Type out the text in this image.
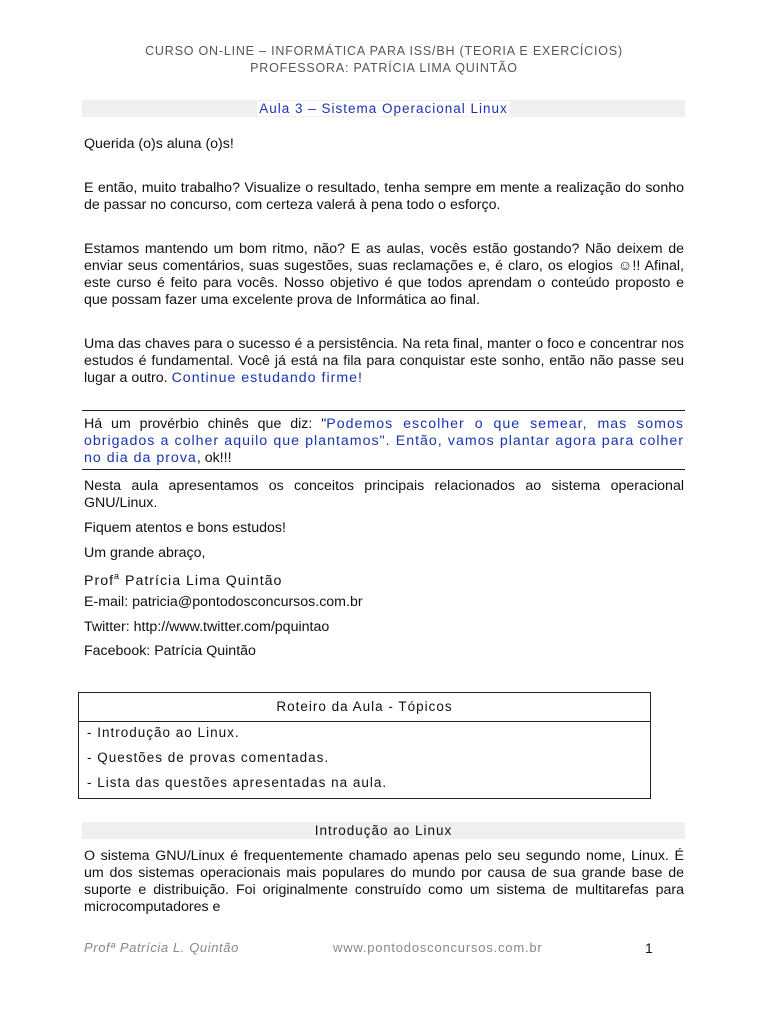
CURSO ON-LINE – INFORMÁTICA PARA ISS/BH (TEORIA E EXERCÍCIOS)
PROFESSORA: PATRÍCIA LIMA QUINTÃO
Aula 3 – Sistema Operacional Linux
Querida (o)s aluna (o)s!
E então, muito trabalho? Visualize o resultado, tenha sempre em mente a realização do sonho de passar no concurso, com certeza valerá à pena todo o esforço.
Estamos mantendo um bom ritmo, não? E as aulas, vocês estão gostando? Não deixem de enviar seus comentários, suas sugestões, suas reclamações e, é claro, os elogios ☺!! Afinal, este curso é feito para vocês. Nosso objetivo é que todos aprendam o conteúdo proposto e que possam fazer uma excelente prova de Informática ao final.
Uma das chaves para o sucesso é a persistência. Na reta final, manter o foco e concentrar nos estudos é fundamental. Você já está na fila para conquistar este sonho, então não passe seu lugar a outro. Continue estudando firme!
Há um provérbio chinês que diz: "Podemos escolher o que semear, mas somos obrigados a colher aquilo que plantamos". Então, vamos plantar agora para colher no dia da prova, ok!!!
Nesta aula apresentamos os conceitos principais relacionados ao sistema operacional GNU/Linux.
Fiquem atentos e bons estudos!
Um grande abraço,
Prof$^a$ Patrícia Lima Quintão
E-mail: patricia@pontodosconcursos.com.br
Twitter: http://www.twitter.com/pquintao
Facebook: Patrícia Quintão
Roteiro da Aula - Tópicos
- Introdução ao Linux.
- Questões de provas comentadas.
- Lista das questões apresentadas na aula.
Introdução ao Linux
O sistema GNU/Linux é frequentemente chamado apenas pelo seu segundo nome, Linux. É um dos sistemas operacionais mais populares do mundo por causa de sua grande base de suporte e distribuição. Foi originalmente construído como um sistema de multitarefas para microcomputadores e
Profª Patrícia L. Quintão	www.pontodosconcursos.com.br	1
